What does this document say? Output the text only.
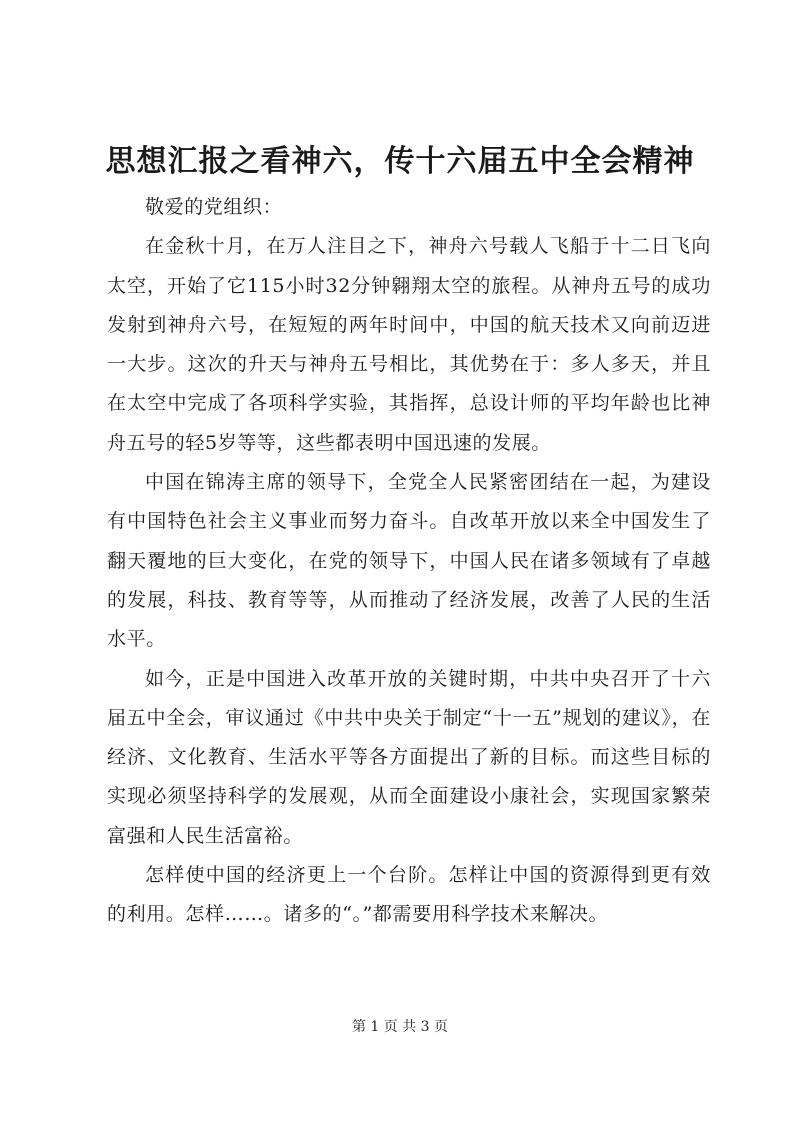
思想汇报之看神六，传十六届五中全会精神

敬爱的党组织：

在金秋十月，在万人注目之下，神舟六号载人飞船于十二日飞向太空，开始了它115小时32分钟翱翔太空的旅程。从神舟五号的成功发射到神舟六号，在短短的两年时间中，中国的航天技术又向前迈进一大步。这次的升天与神舟五号相比，其优势在于：多人多天，并且在太空中完成了各项科学实验，其指挥，总设计师的平均年龄也比神舟五号的轻5岁等等，这些都表明中国迅速的发展。

中国在锦涛主席的领导下，全党全人民紧密团结在一起，为建设有中国特色社会主义事业而努力奋斗。自改革开放以来全中国发生了翻天覆地的巨大变化，在党的领导下，中国人民在诸多领域有了卓越的发展，科技、教育等等，从而推动了经济发展，改善了人民的生活水平。

如今，正是中国进入改革开放的关键时期，中共中央召开了十六届五中全会，审议通过《中共中央关于制定“十一五”规划的建议》，在经济、文化教育、生活水平等各方面提出了新的目标。而这些目标的实现必须坚持科学的发展观，从而全面建设小康社会，实现国家繁荣富强和人民生活富裕。

怎样使中国的经济更上一个台阶。怎样让中国的资源得到更有效的利用。怎样……。诸多的“。”都需要用科学技术来解决。

第 1 页 共 3 页
